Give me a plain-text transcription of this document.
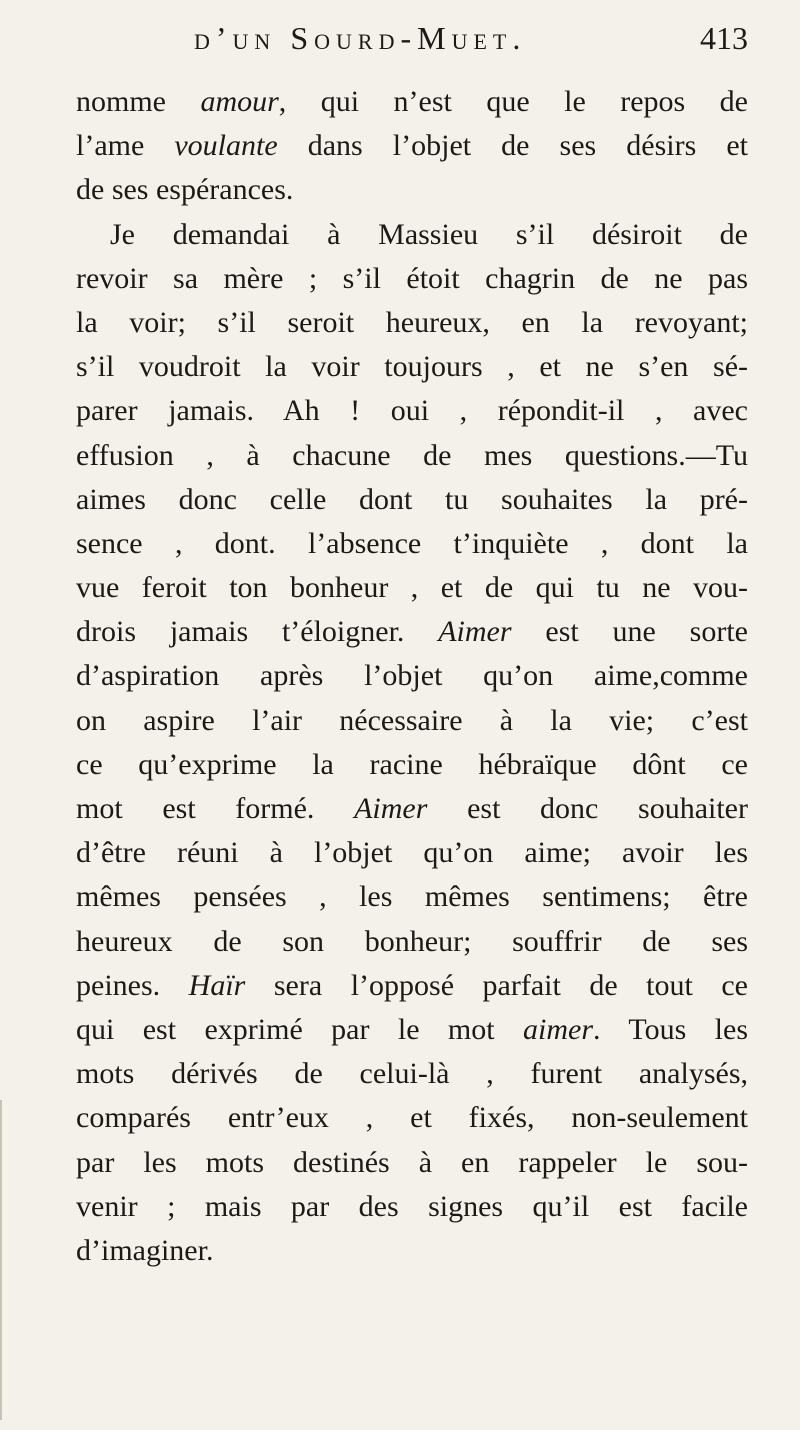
d’un Sourd-Muet.	413
nomme amour, qui n’est que le repos de
l’ame voulante dans l’objet de ses désirs et
de ses espérances.
Je demandai à Massieu s’il désiroit de
revoir sa mère ; s’il étoit chagrin de ne pas
la voir; s’il seroit heureux, en la revoyant;
s’il voudroit la voir toujours , et ne s’en sé-
parer jamais. Ah ! oui , répondit-il , avec
effusion , à chacune de mes questions.—Tu
aimes donc celle dont tu souhaites la pré-
sence , dont. l’absence t’inquiète , dont la
vue feroit ton bonheur , et de qui tu ne vou-
drois jamais t’éloigner. Aimer est une sorte
d’aspiration après l’objet qu’on aime,comme
on aspire l’air nécessaire à la vie; c’est
ce qu’exprime la racine hébraïque dônt ce
mot est formé. Aimer est donc souhaiter
d’être réuni à l’objet qu’on aime; avoir les
mêmes pensées , les mêmes sentimens; être
heureux de son bonheur; souffrir de ses
peines. Haïr sera l’opposé parfait de tout ce
qui est exprimé par le mot aimer. Tous les
mots dérivés de celui-là , furent analysés,
comparés entr’eux , et fixés, non-seulement
par les mots destinés à en rappeler le sou-
venir ; mais par des signes qu’il est facile
d’imaginer.
